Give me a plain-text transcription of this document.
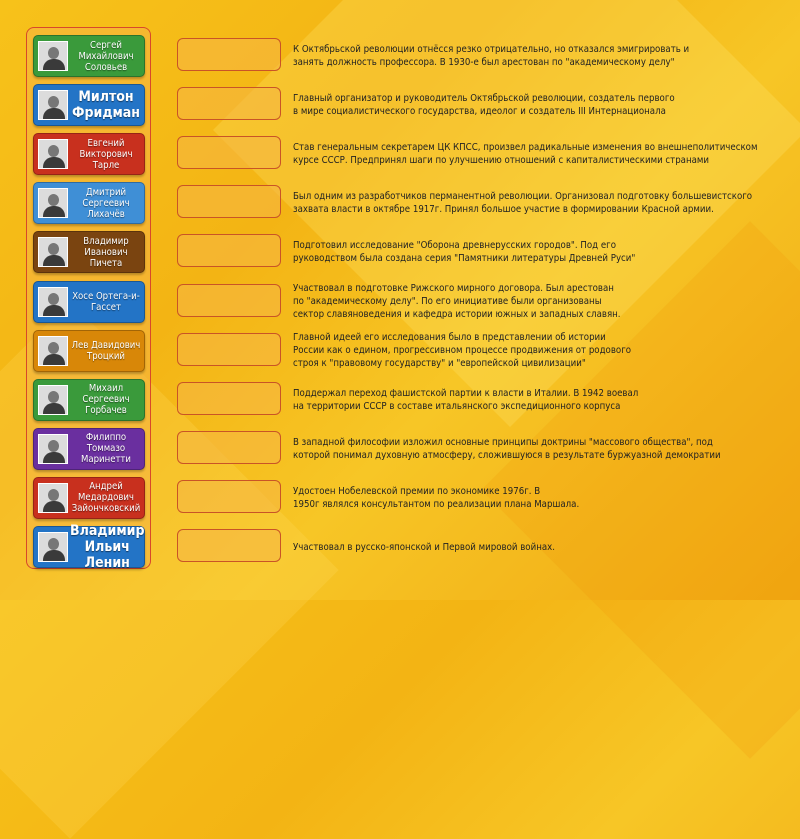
Сергей Михайлович Соловьев
Милтон Фридман
Евгений Викторович Тарле
Дмитрий Сергеевич Лихачёв
Владимир Иванович Пичета
Хосе Ортега-и-Гассет
Лев Давидович Троцкий
Михаил Сергеевич Горбачев
Филиппо Томмазо Маринетти
Андрей Медардович Зайончковский
Владимир Ильич Ленин
К Октябрьской революции отнёсся резко отрицательно, но отказался эмигрировать и
занять должность профессора. В 1930-е был арестован по "академическому делу"
Главный организатор и руководитель Октябрьской революции, создатель первого
в мире социалистического государства, идеолог и создатель III Интернационала
Став генеральным секретарем ЦК КПСС, произвел радикальные изменения во внешнеполитическом
курсе СССР. Предпринял шаги по улучшению отношений с капиталистическими странами
Был одним из разработчиков перманентной революции. Организовал подготовку большевистского
захвата власти в октябре 1917г. Принял большое участие в формировании Красной армии.
Подготовил исследование "Оборона древнерусских городов". Под его
руководством была создана серия "Памятники литературы Древней Руси"
Участвовал в подготовке Рижского мирного договора. Был арестован
по "академическому делу". По его инициативе были организованы
сектор славяноведения и кафедра истории южных и западных славян.
Главной идеей его исследования было в представлении об истории
России как о едином, прогрессивном процессе продвижения от родового
строя к "правовому государству" и "европейской цивилизации"
Поддержал переход фашистской партии к власти в Италии. В 1942 воевал
на территории СССР в составе итальянского экспедиционного корпуса
В западной философии изложил основные принципы доктрины "массового общества", под
которой понимал духовную атмосферу, сложившуюся в результате буржуазной демократии
Удостоен Нобелевской премии по экономике 1976г. В
1950г являлся консультантом по реализации плана Маршала.
Участвовал в русско-японской и Первой мировой войнах.
